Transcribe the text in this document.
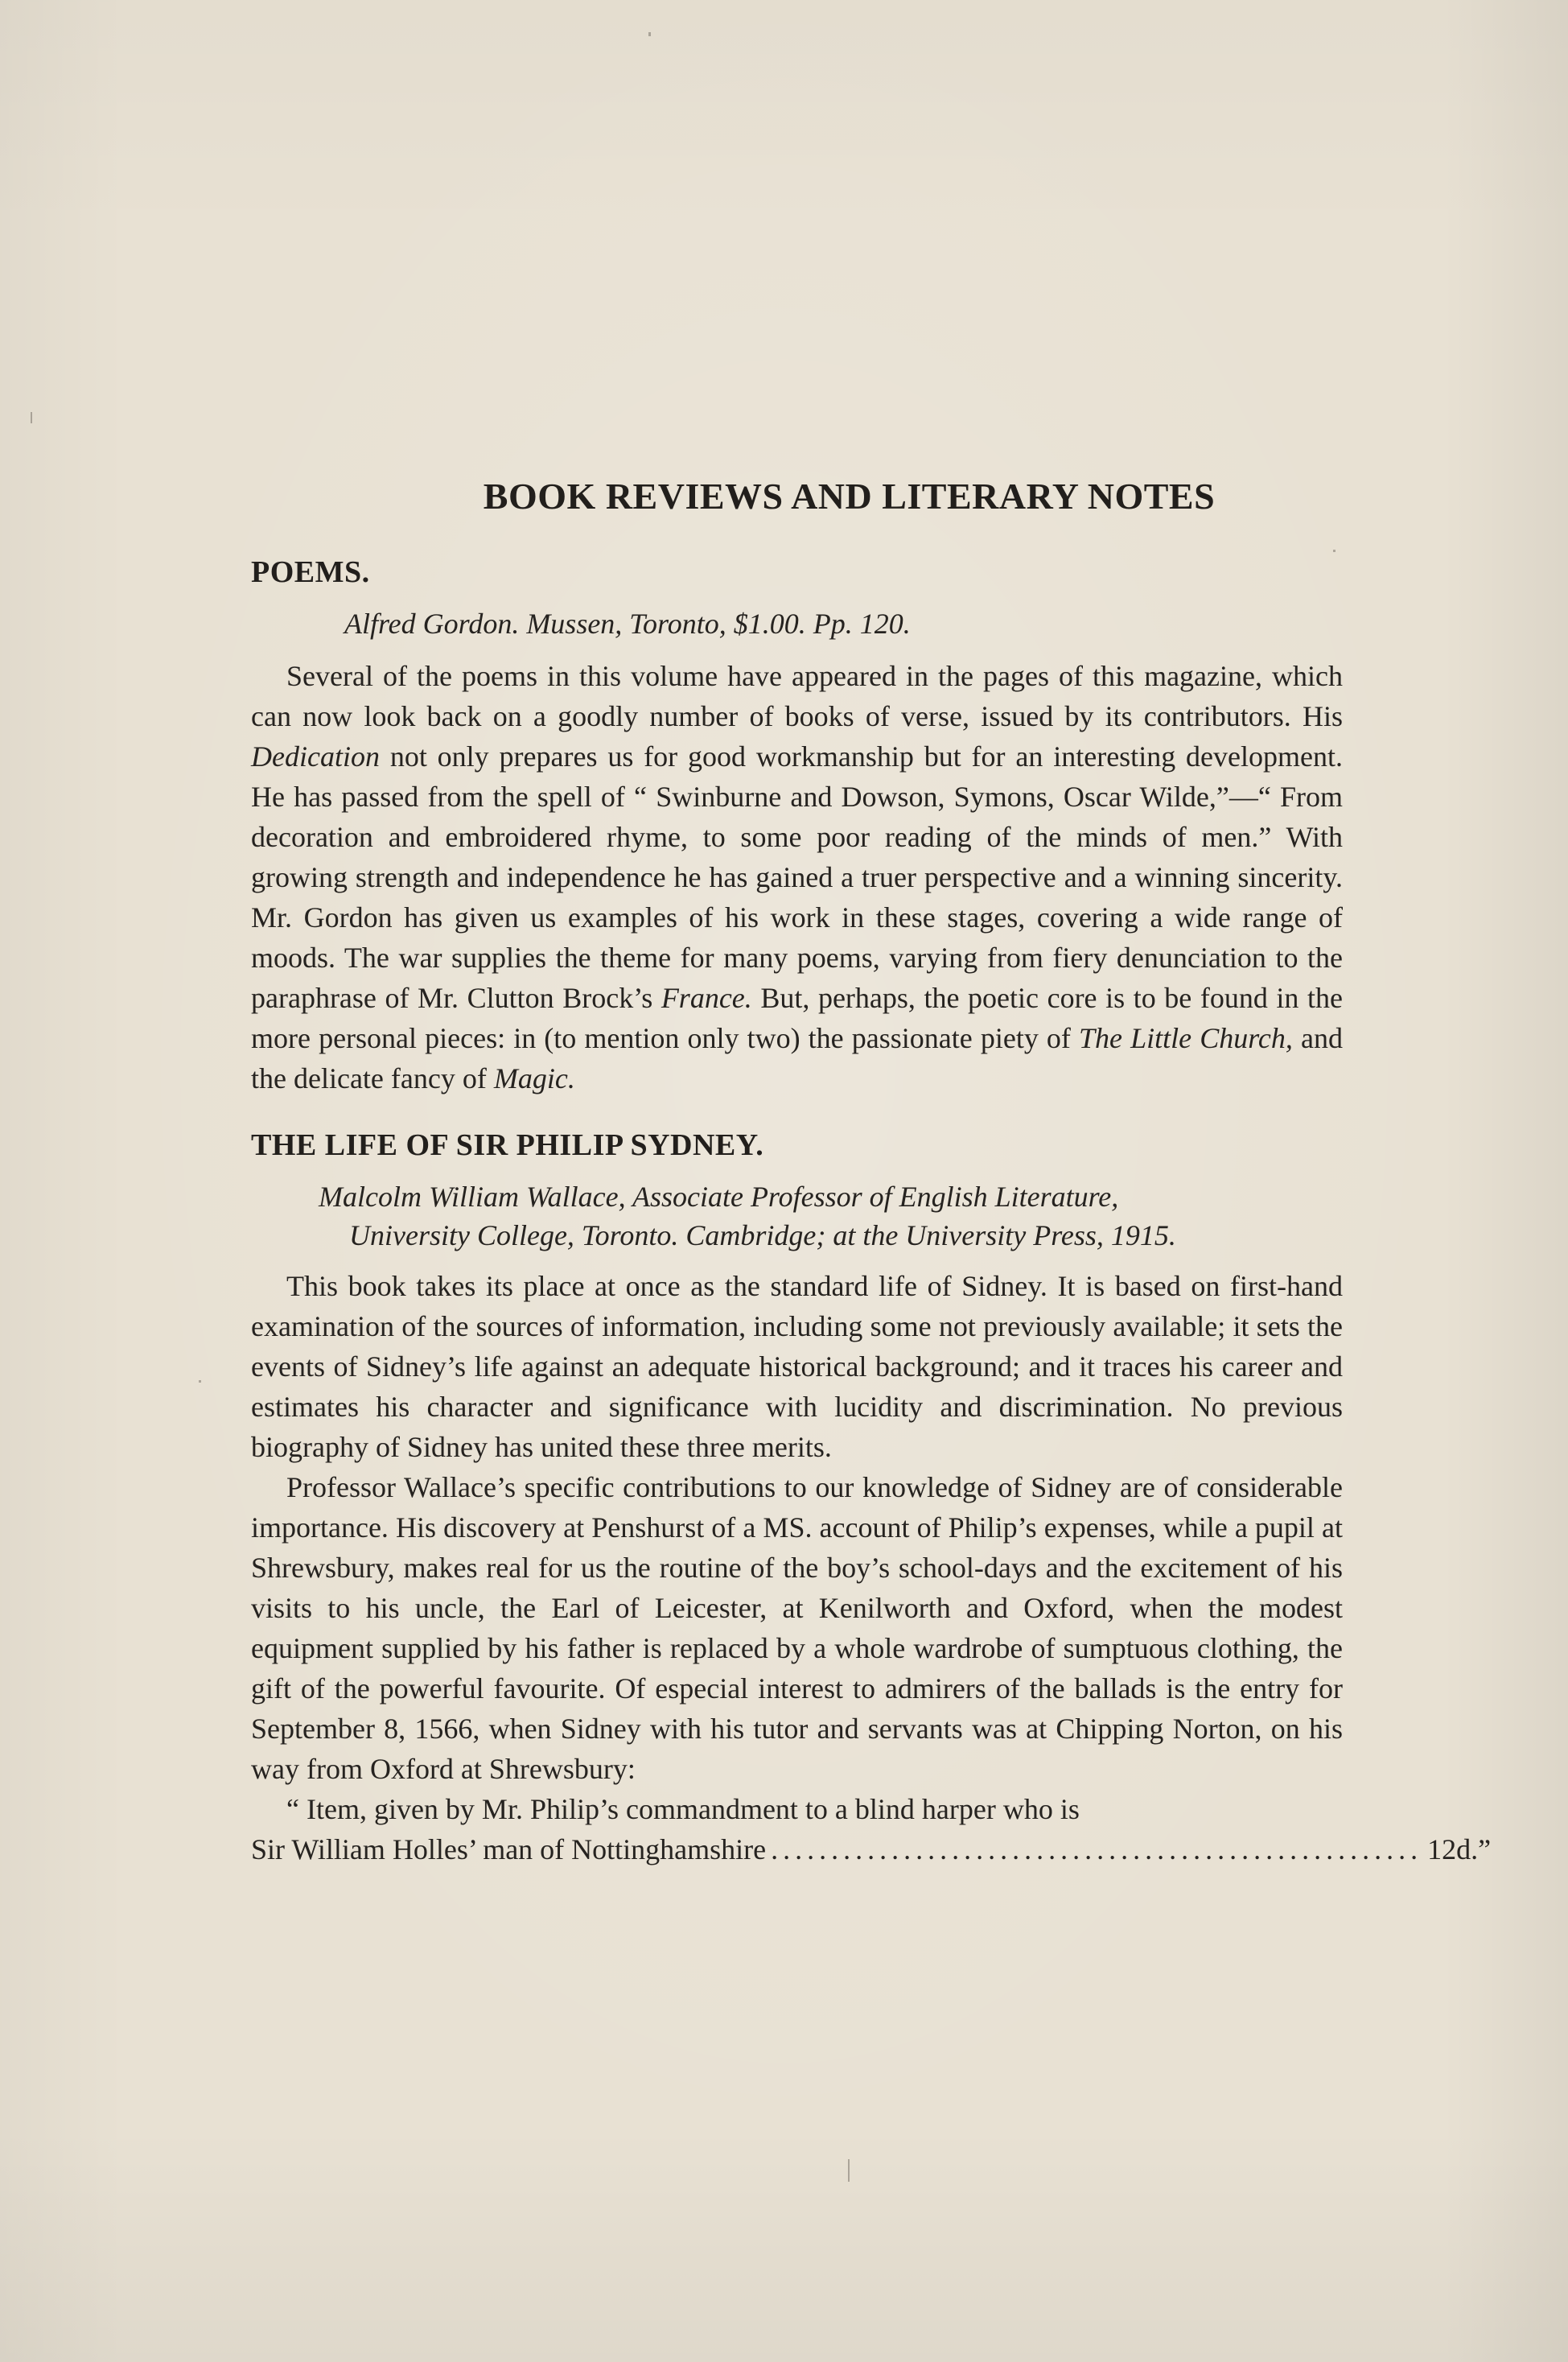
BOOK REVIEWS AND LITERARY NOTES
POEMS.
Alfred Gordon. Mussen, Toronto, $1.00. Pp. 120.

Several of the poems in this volume have appeared in the pages of this magazine, which can now look back on a goodly number of books of verse, issued by its contributors. His Dedication not only prepares us for good workmanship but for an interesting development. He has passed from the spell of “ Swinburne and Dowson, Symons, Oscar Wilde,”—“ From decoration and embroidered rhyme, to some poor reading of the minds of men.” With growing strength and independence he has gained a truer perspective and a winning sincerity. Mr. Gordon has given us examples of his work in these stages, covering a wide range of moods. The war supplies the theme for many poems, varying from fiery denunciation to the paraphrase of Mr. Clutton Brock’s France. But, perhaps, the poetic core is to be found in the more personal pieces: in (to mention only two) the passionate piety of The Little Church, and the delicate fancy of Magic.

THE LIFE OF SIR PHILIP SYDNEY.
Malcolm William Wallace, Associate Professor of English Literature,
University College, Toronto. Cambridge; at the University Press, 1915.

This book takes its place at once as the standard life of Sidney. It is based on first-hand examination of the sources of information, including some not previously available; it sets the events of Sidney’s life against an adequate historical background; and it traces his career and estimates his character and significance with lucidity and discrimination. No previous biography of Sidney has united these three merits.

Professor Wallace’s specific contributions to our knowledge of Sidney are of considerable importance. His discovery at Penshurst of a MS. account of Philip’s expenses, while a pupil at Shrewsbury, makes real for us the routine of the boy’s school-days and the excitement of his visits to his uncle, the Earl of Leicester, at Kenilworth and Oxford, when the modest equipment supplied by his father is replaced by a whole wardrobe of sumptuous clothing, the gift of the powerful favourite. Of especial interest to admirers of the ballads is the entry for September 8, 1566, when Sidney with his tutor and servants was at Chipping Norton, on his way from Oxford at Shrewsbury:

“ Item, given by Mr. Philip’s commandment to a blind harper who is

Sir William Holles’ man of Nottinghamshire ...................................................... 12d.”
